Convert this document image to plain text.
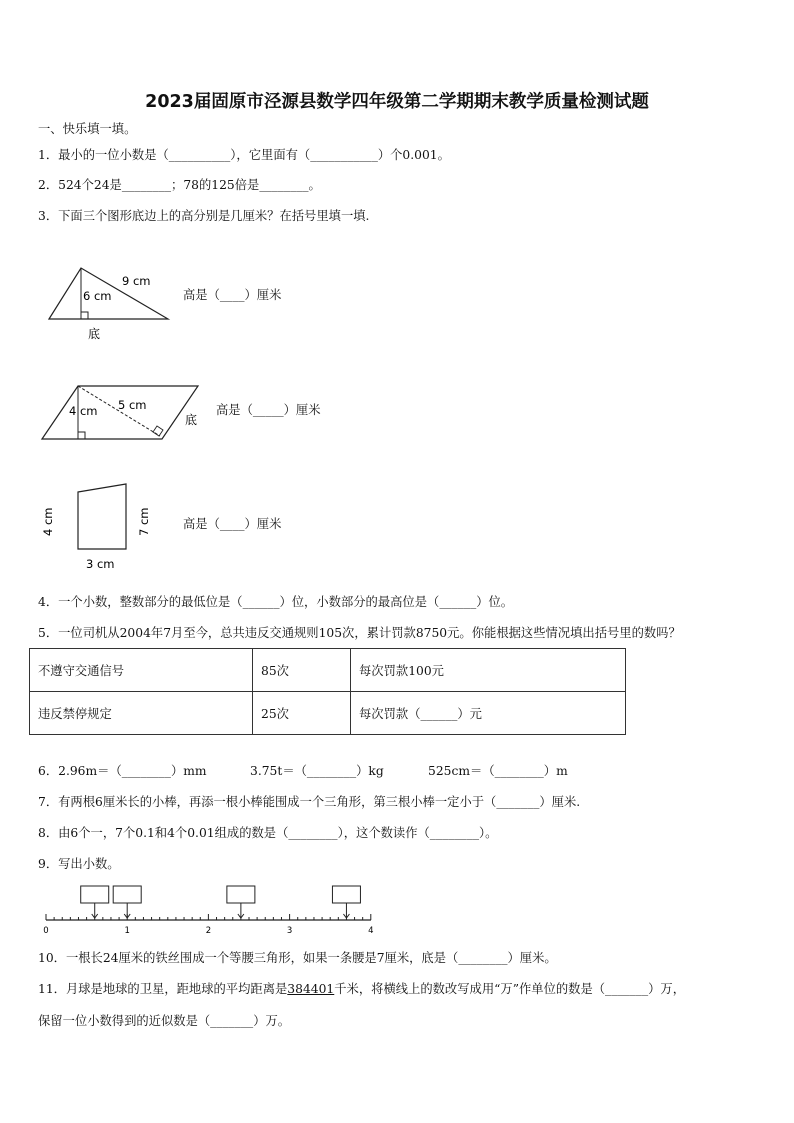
2023届固原市泾源县数学四年级第二学期期末教学质量检测试题
一、快乐填一填。
1．最小的一位小数是（__________），它里面有（___________）个0.001。
2．524个24是________；78的125倍是________。
3．下面三个图形底边上的高分别是几厘米？在括号里填一填.
9 cm
6 cm
底
高是（____）厘米
4 cm 5 cm
底
高是（_____）厘米
4 cm	7 cm
3 cm
高是（____）厘米
4．一个小数，整数部分的最低位是（______）位，小数部分的最高位是（______）位。
5．一位司机从2004年7月至今，总共违反交通规则105次，累计罚款8750元。你能根据这些情况填出括号里的数吗？
不遵守交通信号	85次	每次罚款100元
违反禁停规定	25次	每次罚款（______）元
6．2.96m＝（________）mm	3.75t＝（________）kg	525cm＝（________）m
7．有两根6厘米长的小棒，再添一根小棒能围成一个三角形，第三根小棒一定小于（_______）厘米.
8．由6个一，7个0.1和4个0.01组成的数是（________），这个数读作（________）。
9．写出小数。
0	1	2	3	4
10．一根长24厘米的铁丝围成一个等腰三角形，如果一条腰是7厘米，底是（________）厘米。
11．月球是地球的卫星，距地球的平均距离是384401千米，将横线上的数改写成用“万”作单位的数是（_______）万，
保留一位小数得到的近似数是（_______）万。
